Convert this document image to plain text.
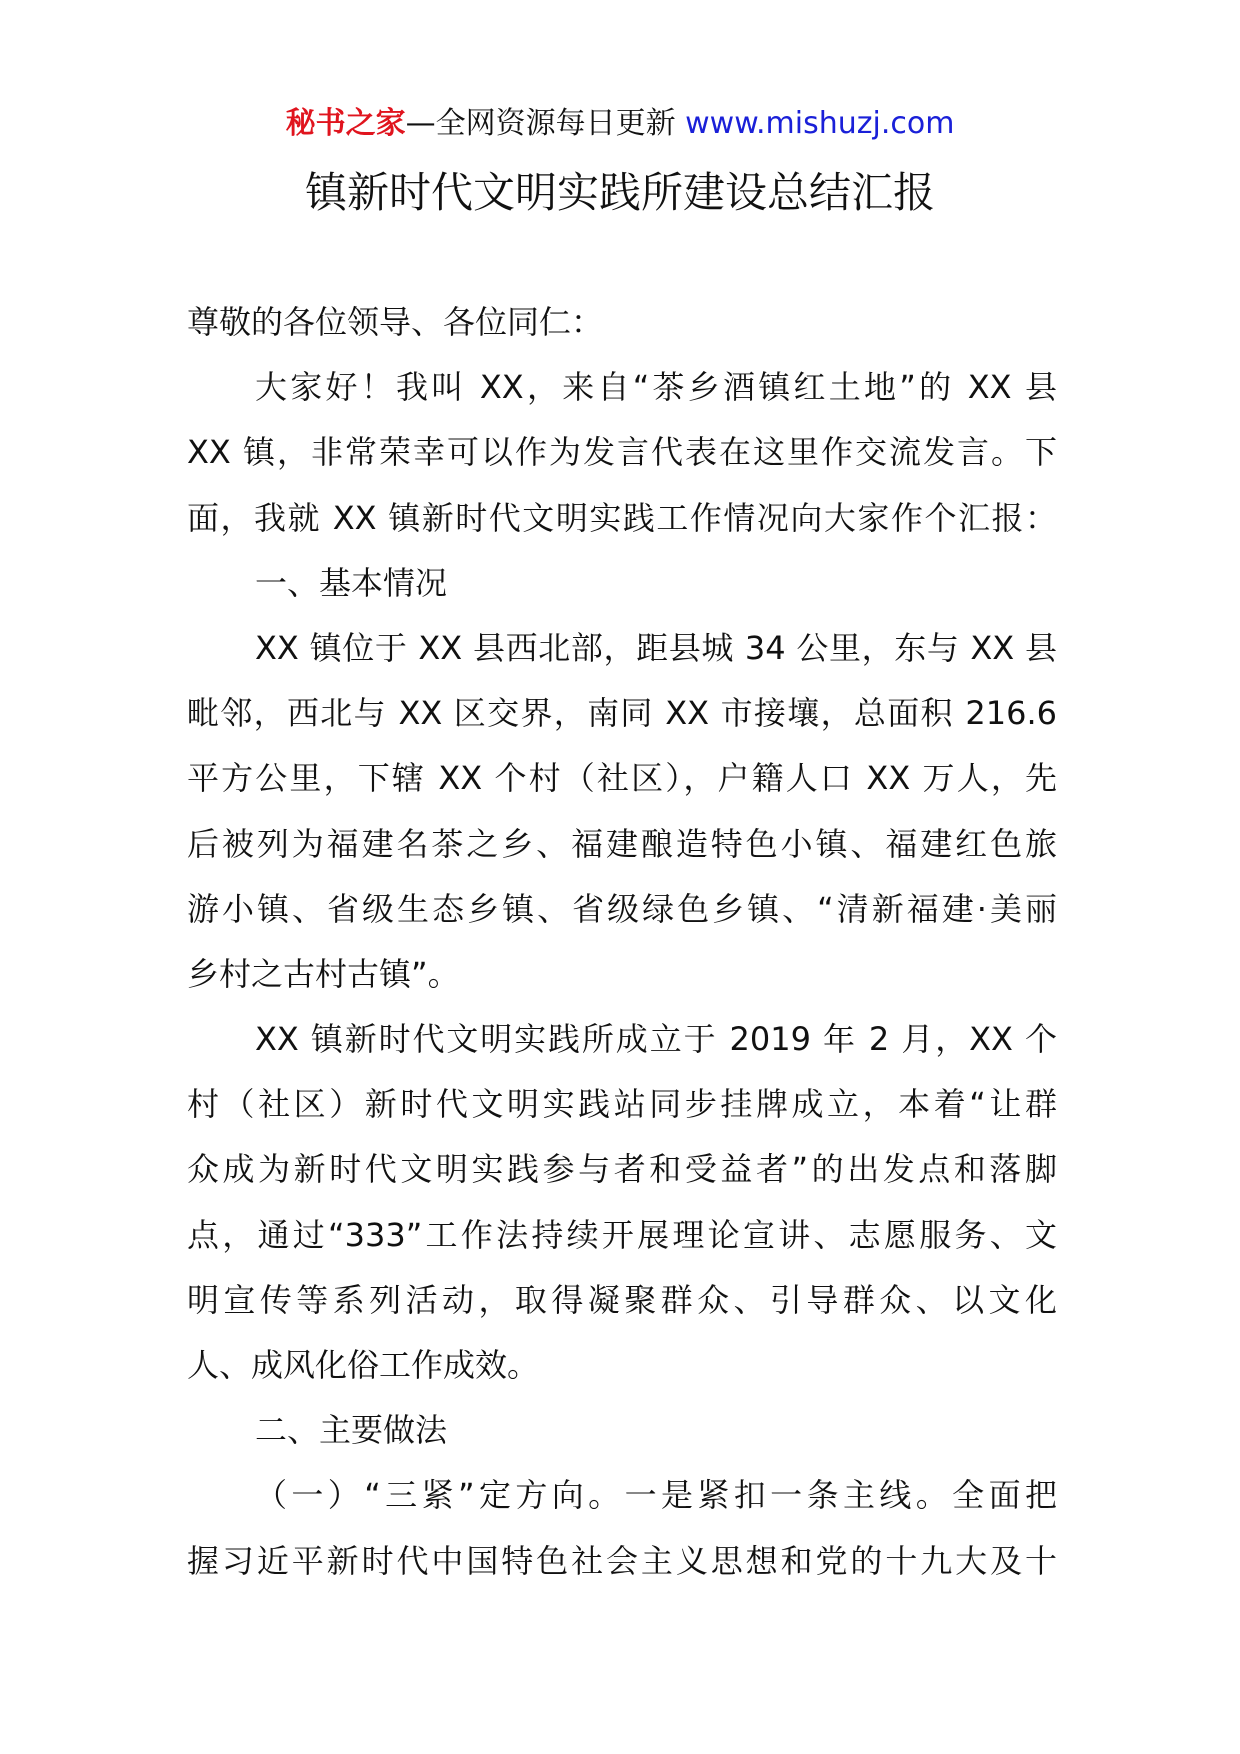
秘书之家—全网资源每日更新 www.mishuzj.com
镇新时代文明实践所建设总结汇报
尊敬的各位领导、各位同仁：
大家好！我叫 XX，来自“茶乡酒镇红土地”的 XX 县
XX 镇，非常荣幸可以作为发言代表在这里作交流发言。下
面，我就 XX 镇新时代文明实践工作情况向大家作个汇报：
一、基本情况
XX 镇位于 XX 县西北部，距县城 34 公里，东与 XX 县
毗邻，西北与 XX 区交界，南同 XX 市接壤，总面积 216.6
平方公里，下辖 XX 个村（社区），户籍人口 XX 万人，先
后被列为福建名茶之乡、福建酿造特色小镇、福建红色旅
游小镇、省级生态乡镇、省级绿色乡镇、“清新福建·美丽
乡村之古村古镇”。
XX 镇新时代文明实践所成立于 2019 年 2 月，XX 个
村（社区）新时代文明实践站同步挂牌成立，本着“让群
众成为新时代文明实践参与者和受益者”的出发点和落脚
点，通过“333”工作法持续开展理论宣讲、志愿服务、文
明宣传等系列活动，取得凝聚群众、引导群众、以文化
人、成风化俗工作成效。
二、主要做法
（一）“三紧”定方向。一是紧扣一条主线。全面把
握习近平新时代中国特色社会主义思想和党的十九大及十
